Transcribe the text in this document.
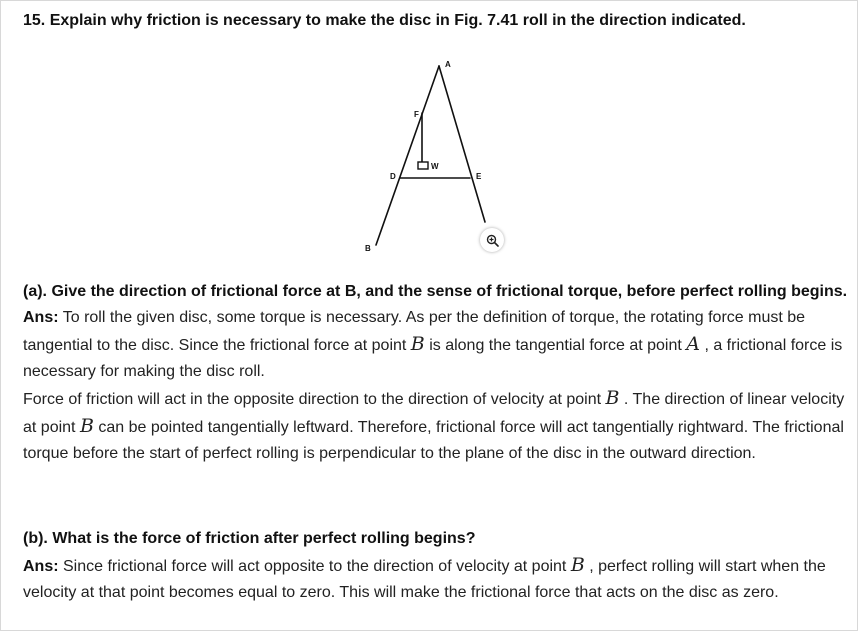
15. Explain why friction is necessary to make the disc in Fig. 7.41 roll in the direction indicated.
A
F
W
D	E
B

(a). Give the direction of frictional force at B, and the sense of frictional torque, before perfect rolling begins.

Ans: To roll the given disc, some torque is necessary. As per the definition of torque, the rotating force must be tangential to the disc. Since the frictional force at point B is along the tangential force at point A , a frictional force is necessary for making the disc roll.

Force of friction will act in the opposite direction to the direction of velocity at point B . The direction of linear velocity at point B can be pointed tangentially leftward. Therefore, frictional force will act tangentially rightward. The frictional torque before the start of perfect rolling is perpendicular to the plane of the disc in the outward direction.

(b). What is the force of friction after perfect rolling begins?

Ans: Since frictional force will act opposite to the direction of velocity at point B , perfect rolling will start when the velocity at that point becomes equal to zero. This will make the frictional force that acts on the disc as zero.
